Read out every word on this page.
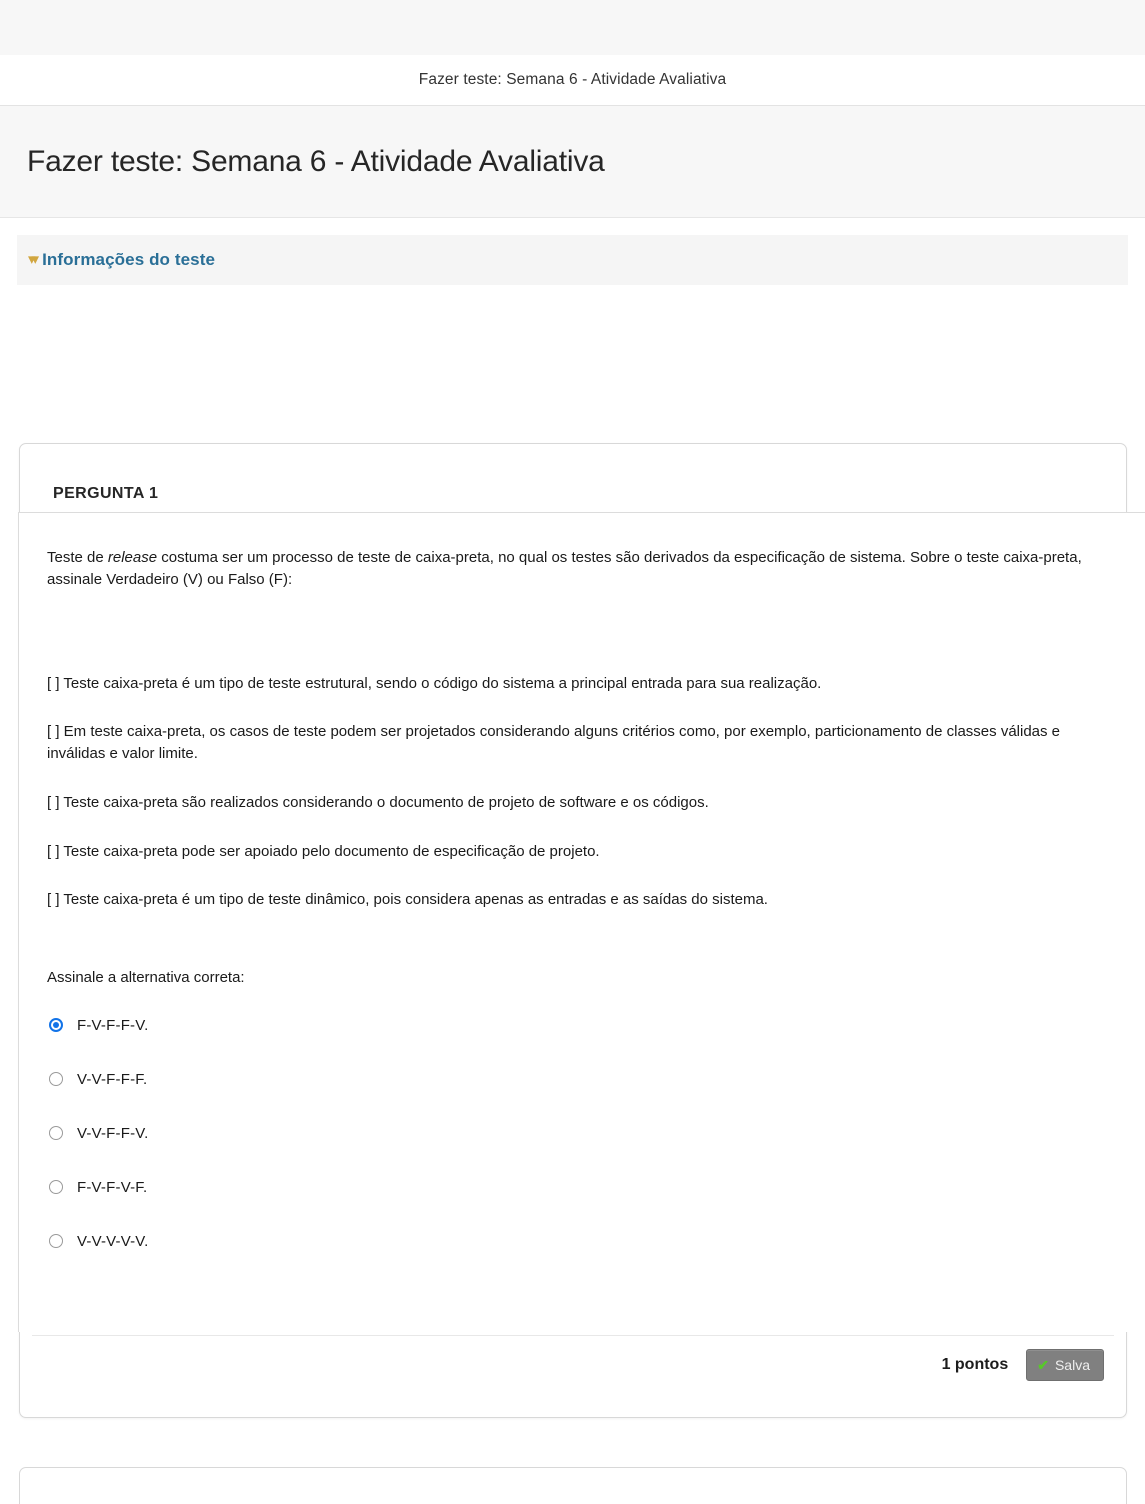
Fazer teste: Semana 6 - Atividade Avaliativa
Fazer teste: Semana 6 - Atividade Avaliativa
▾▾ Informações do teste
PERGUNTA 1
1 pontos ✔ Salva

Teste de release costuma ser um processo de teste de caixa-preta, no qual os testes são derivados da especificação de sistema. Sobre o teste caixa-preta, assinale Verdadeiro (V) ou Falso (F):

[ ] Teste caixa-preta é um tipo de teste estrutural, sendo o código do sistema a principal entrada para sua realização.

[ ] Em teste caixa-preta, os casos de teste podem ser projetados considerando alguns critérios como, por exemplo, particionamento de classes válidas e inválidas e valor limite.

[ ] Teste caixa-preta são realizados considerando o documento de projeto de software e os códigos.

[ ] Teste caixa-preta pode ser apoiado pelo documento de especificação de projeto.

[ ] Teste caixa-preta é um tipo de teste dinâmico, pois considera apenas as entradas e as saídas do sistema.

Assinale a alternativa correta:

F-V-F-F-V.
V-V-F-F-F.
V-V-F-F-V.
F-V-F-V-F.
V-V-V-V-V.
